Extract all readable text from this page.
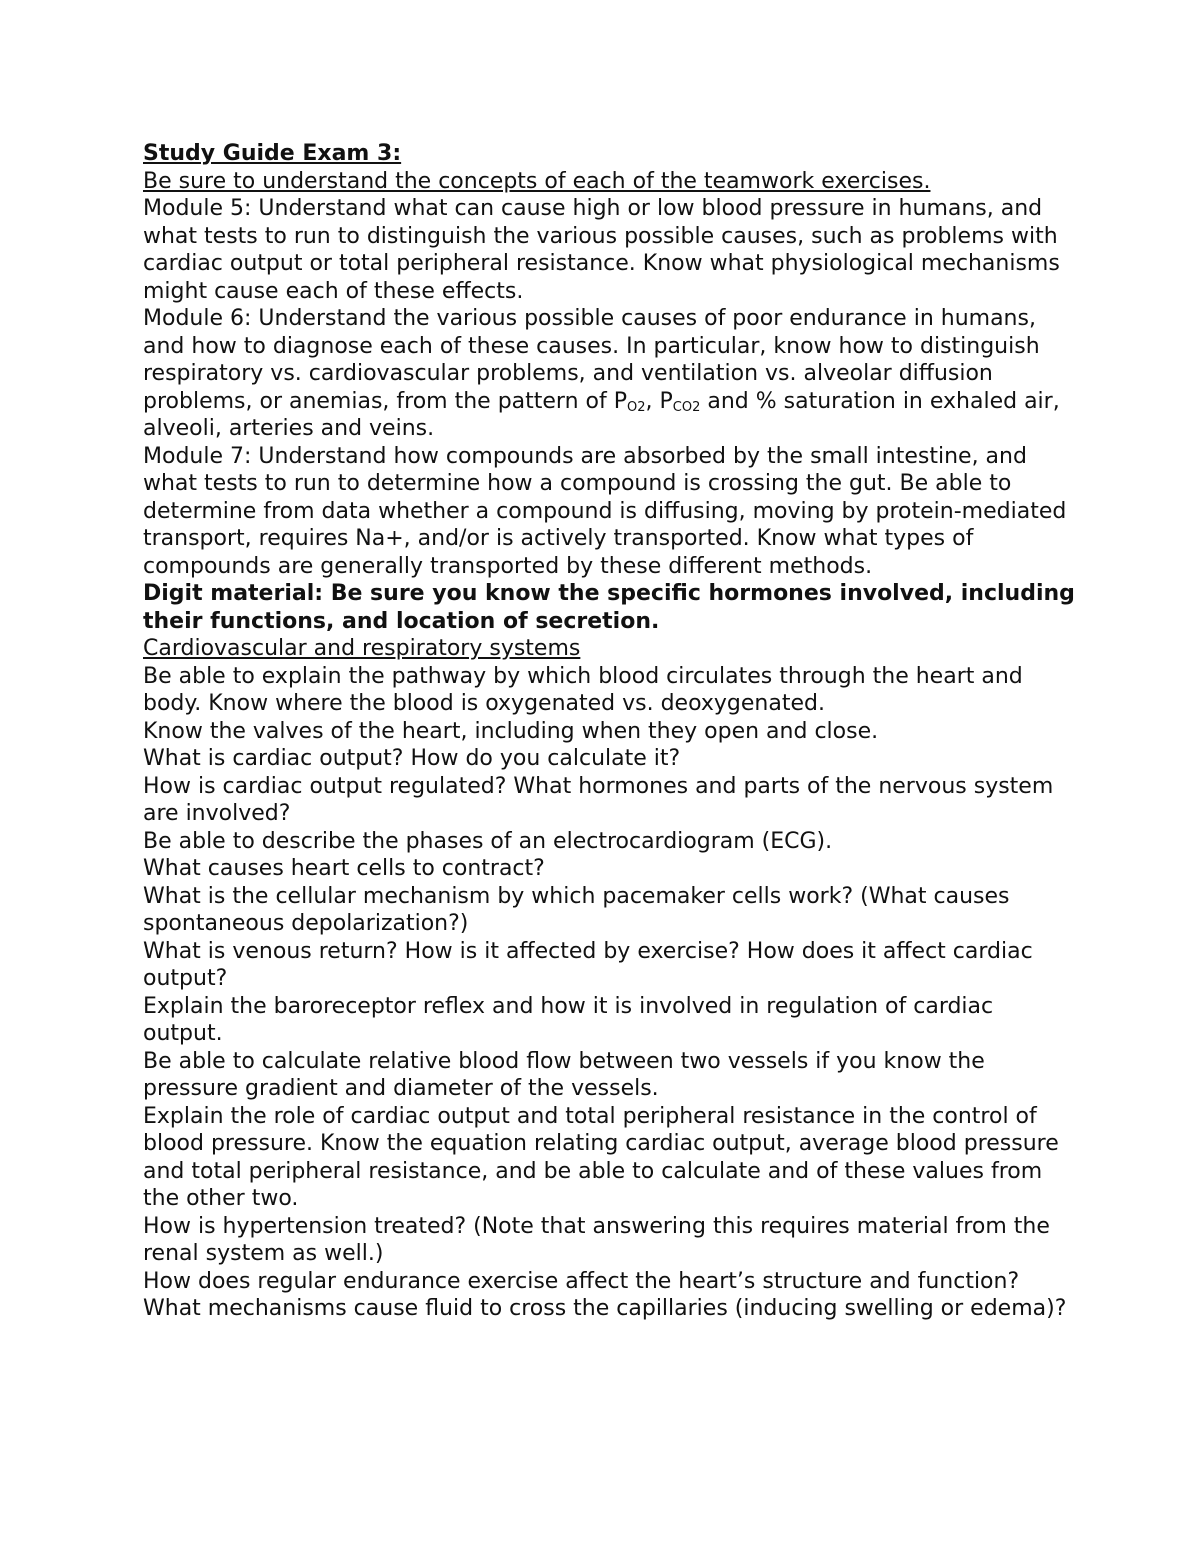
Study Guide Exam 3:

Be sure to understand the concepts of each of the teamwork exercises.

Module 5: Understand what can cause high or low blood pressure in humans, and what tests to run to distinguish the various possible causes, such as problems with cardiac output or total peripheral resistance. Know what physiological mechanisms might cause each of these effects.

Module 6: Understand the various possible causes of poor endurance in humans, and how to diagnose each of these causes. In particular, know how to distinguish respiratory vs. cardiovascular problems, and ventilation vs. alveolar diffusion problems, or anemias, from the pattern of $P_{O2}$, $P_{CO2}$ and % saturation in exhaled air, alveoli, arteries and veins.

Module 7: Understand how compounds are absorbed by the small intestine, and what tests to run to determine how a compound is crossing the gut. Be able to determine from data whether a compound is diffusing, moving by protein-mediated transport, requires Na+, and/or is actively transported. Know what types of compounds are generally transported by these different methods.

Digit material: Be sure you know the specific hormones involved, including their functions, and location of secretion.

Cardiovascular and respiratory systems

Be able to explain the pathway by which blood circulates through the heart and body. Know where the blood is oxygenated vs. deoxygenated.

Know the valves of the heart, including when they open and close.

What is cardiac output? How do you calculate it?

How is cardiac output regulated? What hormones and parts of the nervous system are involved?

Be able to describe the phases of an electrocardiogram (ECG).

What causes heart cells to contract?

What is the cellular mechanism by which pacemaker cells work? (What causes spontaneous depolarization?)

What is venous return? How is it affected by exercise? How does it affect cardiac output?

Explain the baroreceptor reflex and how it is involved in regulation of cardiac output.

Be able to calculate relative blood flow between two vessels if you know the pressure gradient and diameter of the vessels.

Explain the role of cardiac output and total peripheral resistance in the control of blood pressure. Know the equation relating cardiac output, average blood pressure and total peripheral resistance, and be able to calculate and of these values from the other two.

How is hypertension treated? (Note that answering this requires material from the renal system as well.)

How does regular endurance exercise affect the heart’s structure and function?

What mechanisms cause fluid to cross the capillaries (inducing swelling or edema)?
